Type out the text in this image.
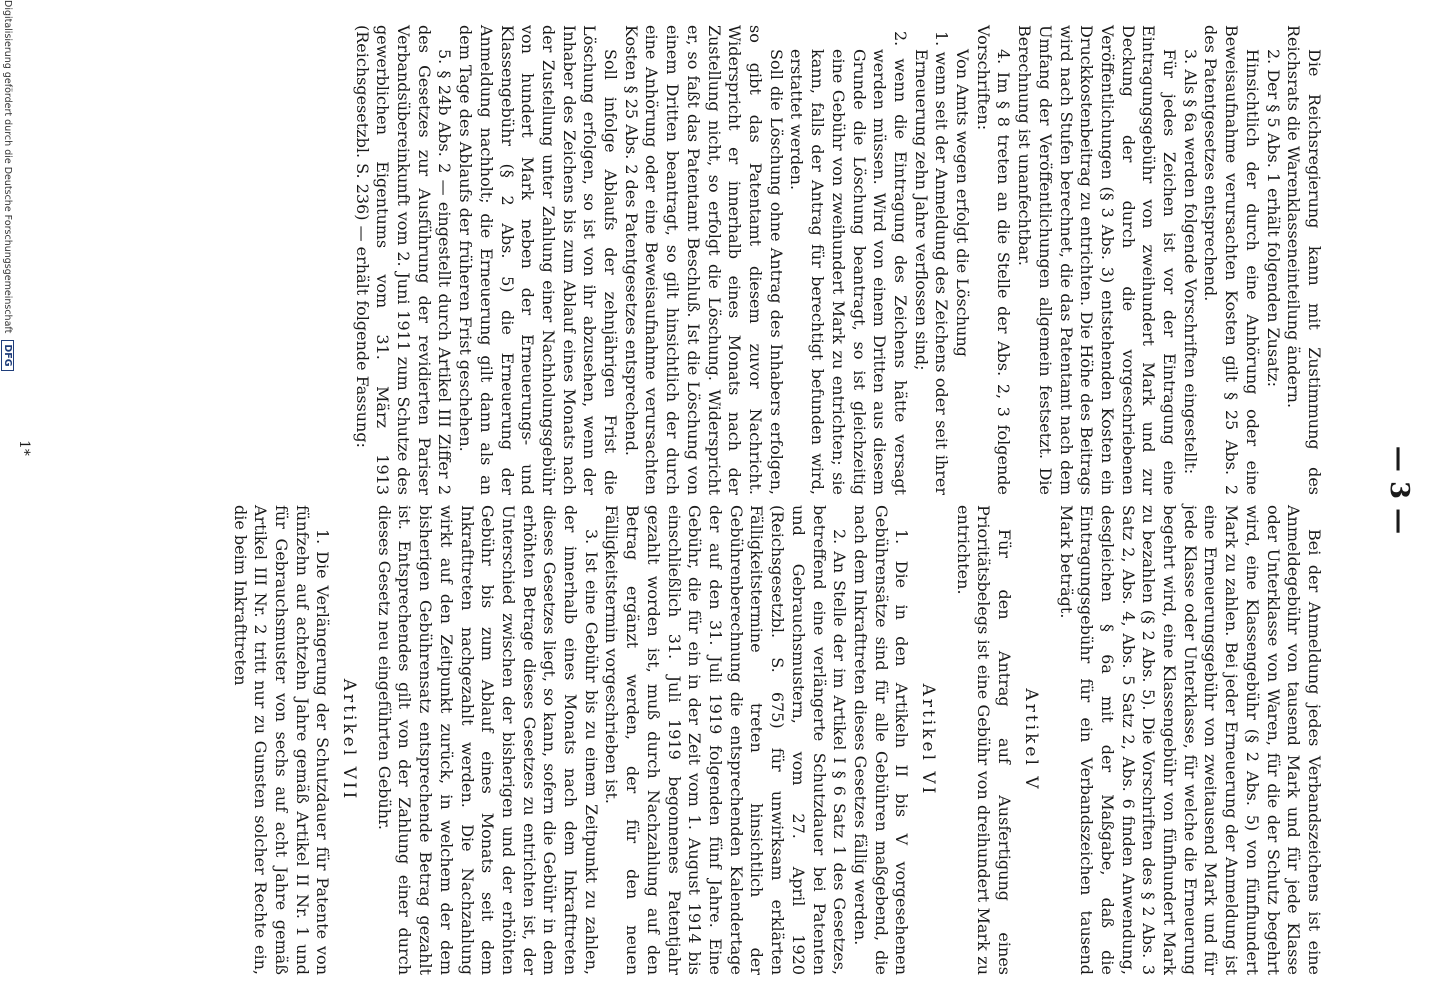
— 3 —

Die Reichsregierung kann mit Zustimmung des Reichsrats die Warenklasseneinteilung ändern.

2. Der § 5 Abs. 1 erhält folgenden Zusatz:

Hinsichtlich der durch eine Anhörung oder eine Beweisaufnahme verursachten Kosten gilt § 25 Abs. 2 des Patentgesetzes entsprechend.

3. Als § 6a werden folgende Vorschriften eingestellt:

Für jedes Zeichen ist vor der Eintragung eine Eintragungsgebühr von zweihundert Mark und zur Deckung der durch die vorgeschriebenen Veröffentlichungen (§ 3 Abs. 3) entstehenden Kosten ein Druckkostenbeitrag zu entrichten. Die Höhe des Beitrags wird nach Stufen berechnet, die das Patentamt nach dem Umfang der Veröffentlichungen allgemein festsetzt. Die Berechnung ist unanfechtbar.

4. Im § 8 treten an die Stelle der Abs. 2, 3 folgende Vorschriften:

Von Amts wegen erfolgt die Löschung

1. wenn seit der Anmeldung des Zeichens oder seit ihrer Erneuerung zehn Jahre verflossen sind;

2. wenn die Eintragung des Zeichens hätte versagt werden müssen. Wird von einem Dritten aus diesem Grunde die Löschung beantragt, so ist gleichzeitig eine Gebühr von zweihundert Mark zu entrichten; sie kann, falls der Antrag für berechtigt befunden wird, erstattet werden.

Soll die Löschung ohne Antrag des Inhabers erfolgen, so gibt das Patentamt diesem zuvor Nachricht. Widerspricht er innerhalb eines Monats nach der Zustellung nicht, so erfolgt die Löschung. Widerspricht er, so faßt das Patentamt Beschluß. Ist die Löschung von einem Dritten beantragt, so gilt hinsichtlich der durch eine Anhörung oder eine Beweisaufnahme verursachten Kosten § 25 Abs. 2 des Patentgesetzes entsprechend.

Soll infolge Ablaufs der zehnjährigen Frist die Löschung erfolgen, so ist von ihr abzusehen, wenn der Inhaber des Zeichens bis zum Ablauf eines Monats nach der Zustellung unter Zahlung einer Nachholungsgebühr von hundert Mark neben der Erneuerungs- und Klassengebühr (§ 2 Abs. 5) die Erneuerung der Anmeldung nachholt; die Erneuerung gilt dann als an dem Tage des Ablaufs der früheren Frist geschehen.

5. § 24b Abs. 2 — eingestellt durch Artikel III Ziffer 2 des Gesetzes zur Ausführung der revidierten Pariser Verbandsübereinkunft vom 2. Juni 1911 zum Schutze des gewerblichen Eigentums vom 31. März 1913 (Reichsgesetzbl. S. 236) — erhält folgende Fassung:

Bei der Anmeldung jedes Verbandszeichens ist eine Anmeldegebühr von tausend Mark und für jede Klasse oder Unterklasse von Waren, für die der Schutz begehrt wird, eine Klassengebühr (§ 2 Abs. 5) von fünfhundert Mark zu zahlen. Bei jeder Erneuerung der Anmeldung ist eine Erneuerungsgebühr von zweitausend Mark und für jede Klasse oder Unterklasse, für welche die Erneuerung begehrt wird, eine Klassengebühr von fünfhundert Mark zu bezahlen (§ 2 Abs. 5). Die Vorschriften des § 2 Abs. 3 Satz 2, Abs. 4, Abs. 5 Satz 2, Abs. 6 finden Anwendung, desgleichen § 6a mit der Maßgabe, daß die Eintragungsgebühr für ein Verbandszeichen tausend Mark beträgt.

Artikel V

Für den Antrag auf Ausfertigung eines Prioritätsbelegs ist eine Gebühr von dreihundert Mark zu entrichten.

Artikel VI

1. Die in den Artikeln II bis V vorgesehenen Gebührensätze sind für alle Gebühren maßgebend, die nach dem Inkrafttreten dieses Gesetzes fällig werden.

2. An Stelle der im Artikel I § 6 Satz 1 des Gesetzes, betreffend eine verlängerte Schutzdauer bei Patenten und Gebrauchsmustern, vom 27. April 1920 (Reichsgesetzbl. S. 675) für unwirksam erklärten Fälligkeitstermine treten hinsichtlich der Gebührenberechnung die entsprechenden Kalendertage der auf den 31. Juli 1919 folgenden fünf Jahre. Eine Gebühr, die für ein in der Zeit vom 1. August 1914 bis einschließlich 31. Juli 1919 begonnenes Patentjahr gezahlt worden ist, muß durch Nachzahlung auf den Betrag ergänzt werden, der für den neuen Fälligkeitstermin vorgeschrieben ist.

3. Ist eine Gebühr bis zu einem Zeitpunkt zu zahlen, der innerhalb eines Monats nach dem Inkrafttreten dieses Gesetzes liegt, so kann, sofern die Gebühr in dem erhöhten Betrage dieses Gesetzes zu entrichten ist, der Unterschied zwischen der bisherigen und der erhöhten Gebühr bis zum Ablauf eines Monats seit dem Inkrafttreten nachgezahlt werden. Die Nachzahlung wirkt auf den Zeitpunkt zurück, in welchem der dem bisherigen Gebührensatz entsprechende Betrag gezahlt ist. Entsprechendes gilt von der Zahlung einer durch dieses Gesetz neu eingeführten Gebühr.

Artikel VII

1. Die Verlängerung der Schutzdauer für Patente von fünfzehn auf achtzehn Jahre gemäß Artikel II Nr. 1 und für Gebrauchsmuster von sechs auf acht Jahre gemäß Artikel III Nr. 2 tritt nur zu Gunsten solcher Rechte ein, die beim Inkrafttreten

1*
Digitalisierung gefördert durch die Deutsche Forschungsgemeinschaft DFG
